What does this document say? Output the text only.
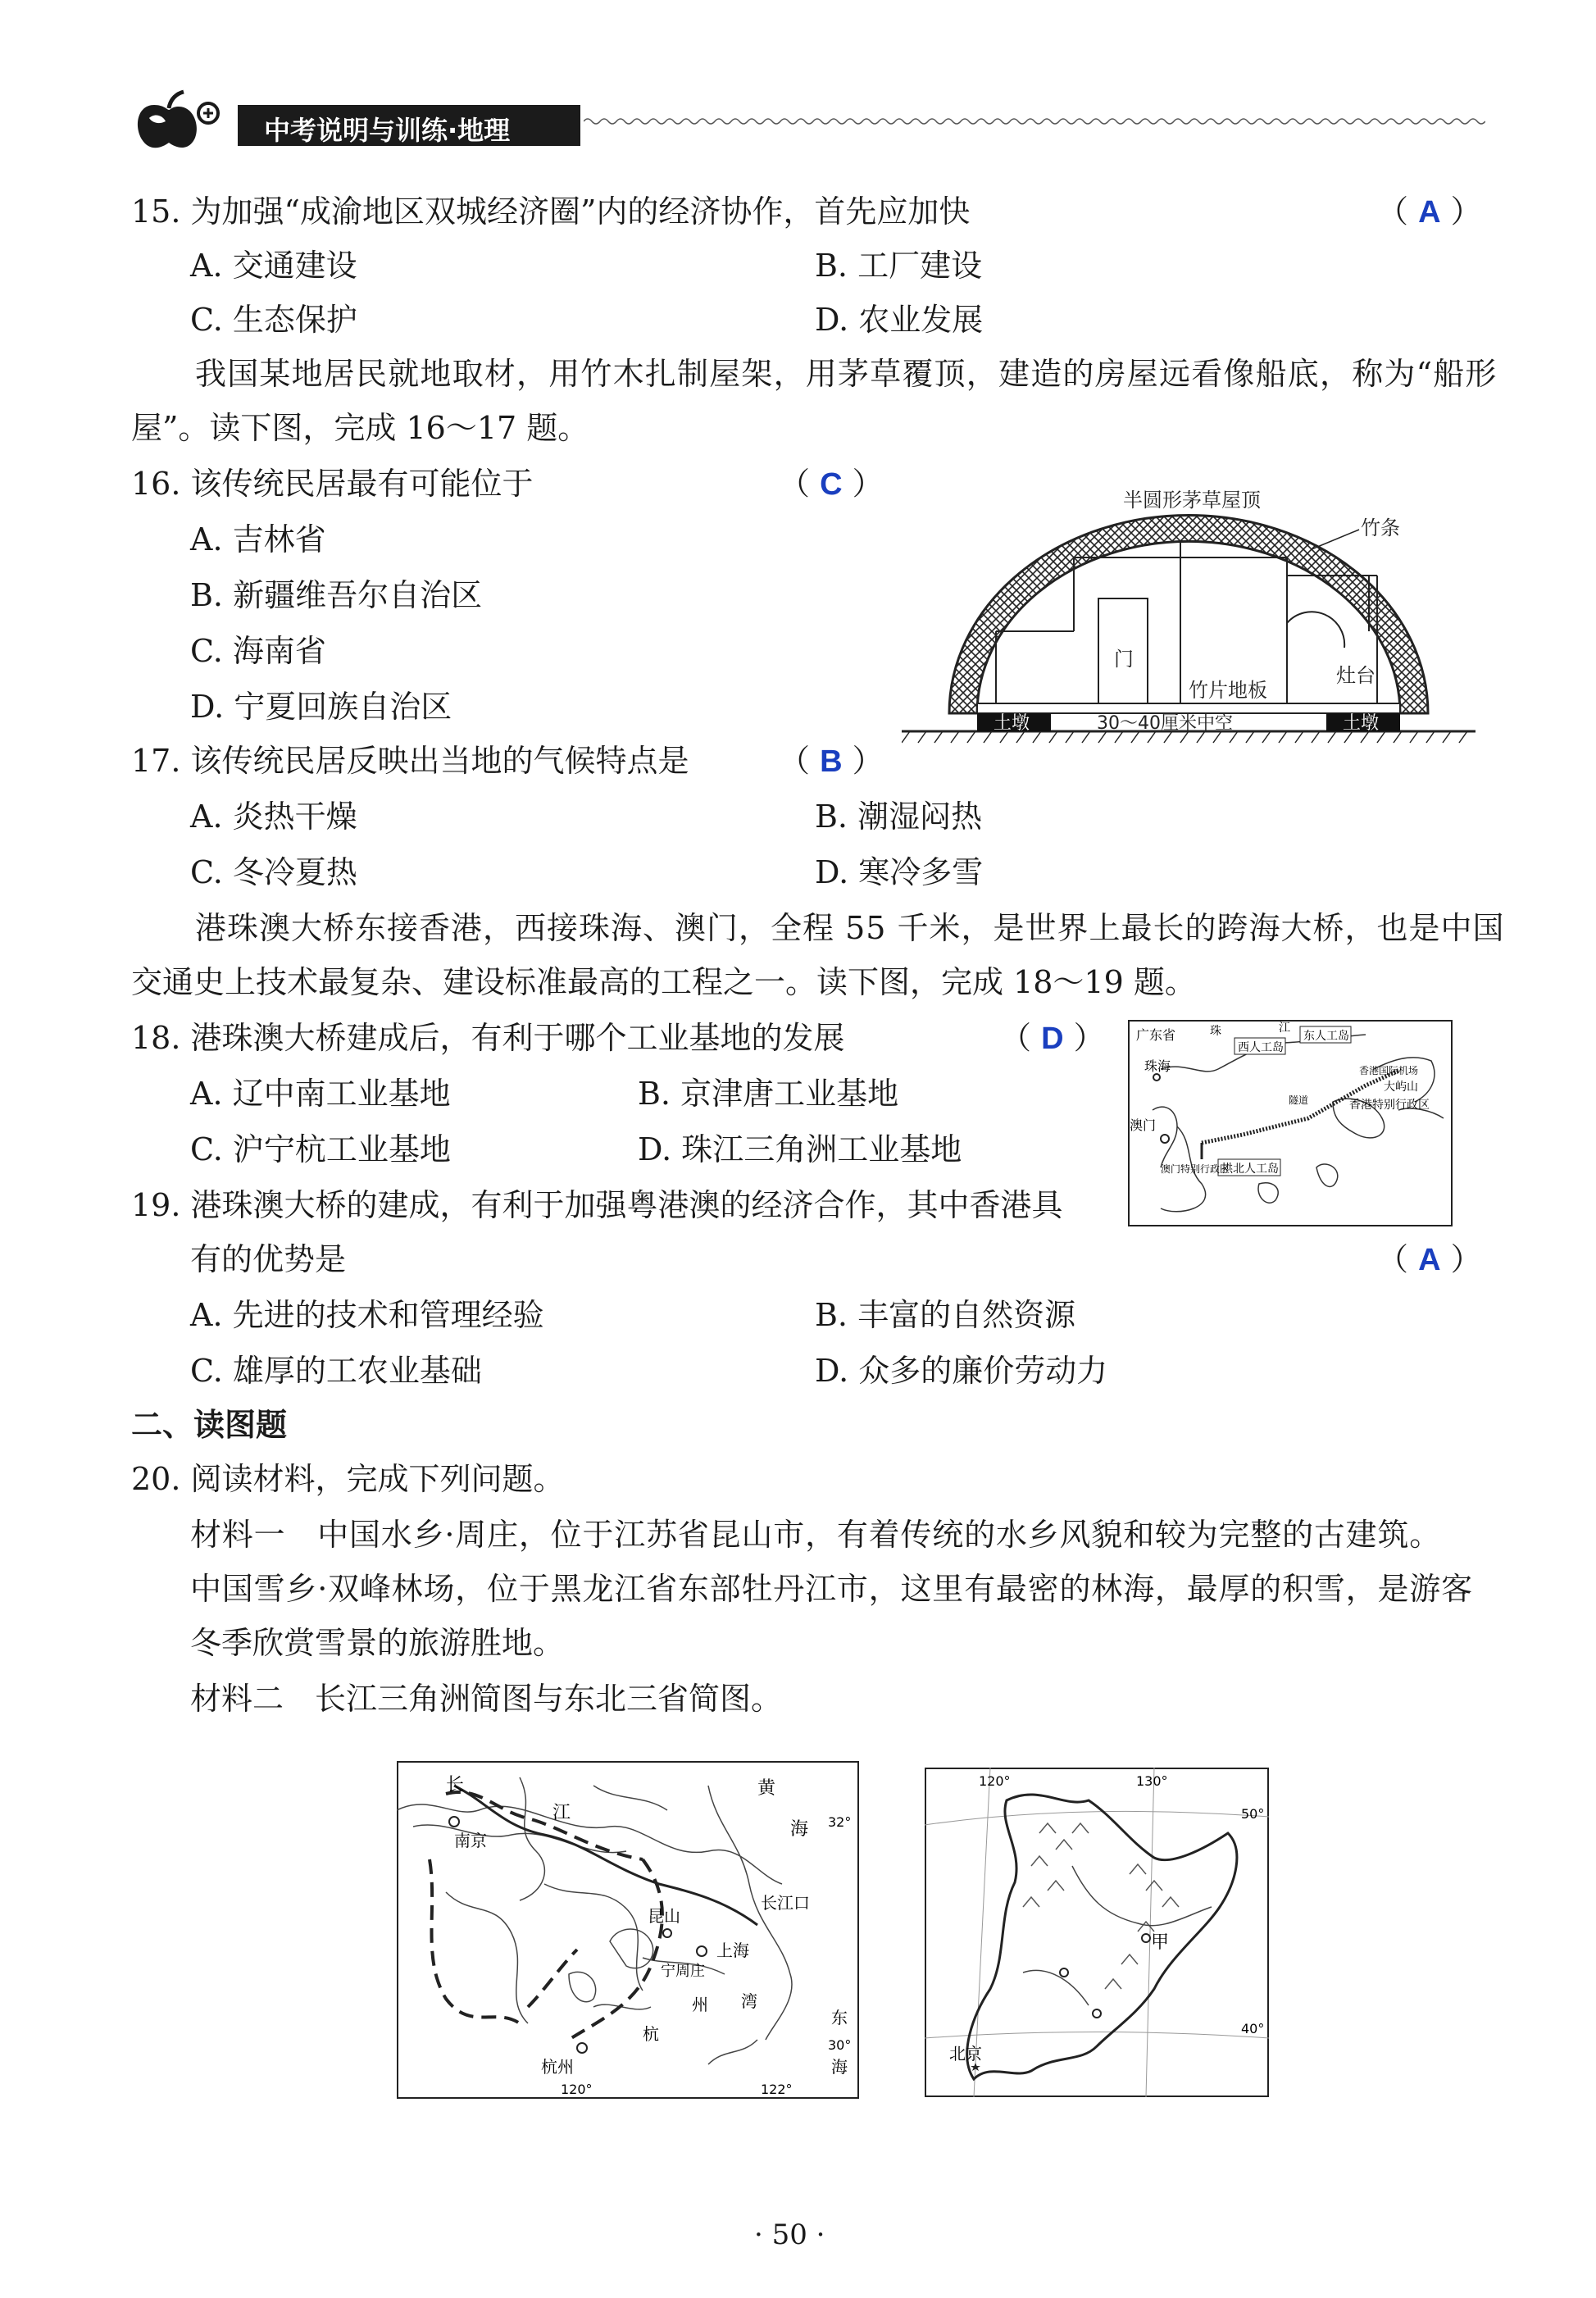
中考说明与训练·地理
15. 为加强“成渝地区双城经济圈”内的经济协作，首先应加快	（ A ）
A. 交通建设	B. 工厂建设
C. 生态保护	D. 农业发展
我国某地居民就地取材，用竹木扎制屋架，用茅草覆顶，建造的房屋远看像船底，称为“船形
屋”。读下图，完成 16～17 题。
16. 该传统民居最有可能位于	（ C ）
A. 吉林省
B. 新疆维吾尔自治区
C. 海南省
D. 宁夏回族自治区
半圆形茅草屋顶
竹条
门
竹片地板
灶台
土墩	土墩
30～40厘米中空
17. 该传统民居反映出当地的气候特点是	（ B ）
A. 炎热干燥	B. 潮湿闷热
C. 冬冷夏热	D. 寒冷多雪
港珠澳大桥东接香港，西接珠海、澳门，全程 55 千米，是世界上最长的跨海大桥，也是中国
交通史上技术最复杂、建设标准最高的工程之一。读下图，完成 18～19 题。
18. 港珠澳大桥建成后，有利于哪个工业基地的发展	（ D ）
A. 辽中南工业基地	B. 京津唐工业基地
C. 沪宁杭工业基地	D. 珠江三角洲工业基地
广东省
珠海
西人工岛
东人工岛
香港国际机场
大屿山
香港特别行政区
澳门
拱北人工岛
澳门特别行政区
珠	江
隧道
19. 港珠澳大桥的建成，有利于加强粤港澳的经济合作，其中香港具
有的优势是	（ A ）
A. 先进的技术和管理经验	B. 丰富的自然资源
C. 雄厚的工农业基础	D. 众多的廉价劳动力
二、读图题
20. 阅读材料，完成下列问题。
材料一　中国水乡·周庄，位于江苏省昆山市，有着传统的水乡风貌和较为完整的古建筑。
中国雪乡·双峰林场，位于黑龙江省东部牡丹江市，这里有最密的林海，最厚的积雪，是游客
冬季欣赏雪景的旅游胜地。
材料二　长江三角洲简图与东北三省简图。
长
江
黄
海
南京
昆山
上海
长江口
宁周庄
杭州
杭
州 湾
东
海
32°
30°
120°	122°
120°	130°
50°
甲
40°
北京
· 50 ·
